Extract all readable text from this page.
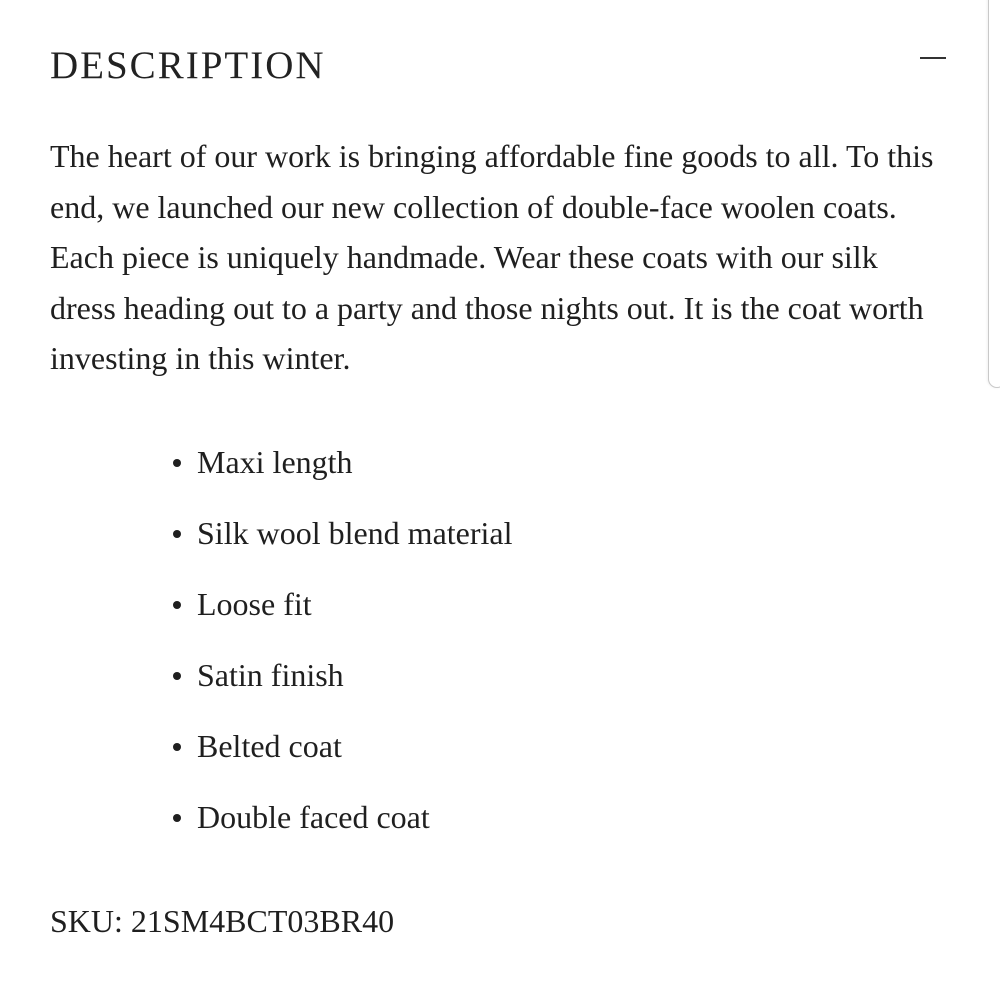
DESCRIPTION

The heart of our work is bringing affordable fine goods to all. To this end, we launched our new collection of double-face woolen coats. Each piece is uniquely handmade. Wear these coats with our silk dress heading out to a party and those nights out. It is the coat worth investing in this winter.

Maxi length
Silk wool blend material
Loose fit
Satin finish
Belted coat
Double faced coat

SKU: 21SM4BCT03BR40
